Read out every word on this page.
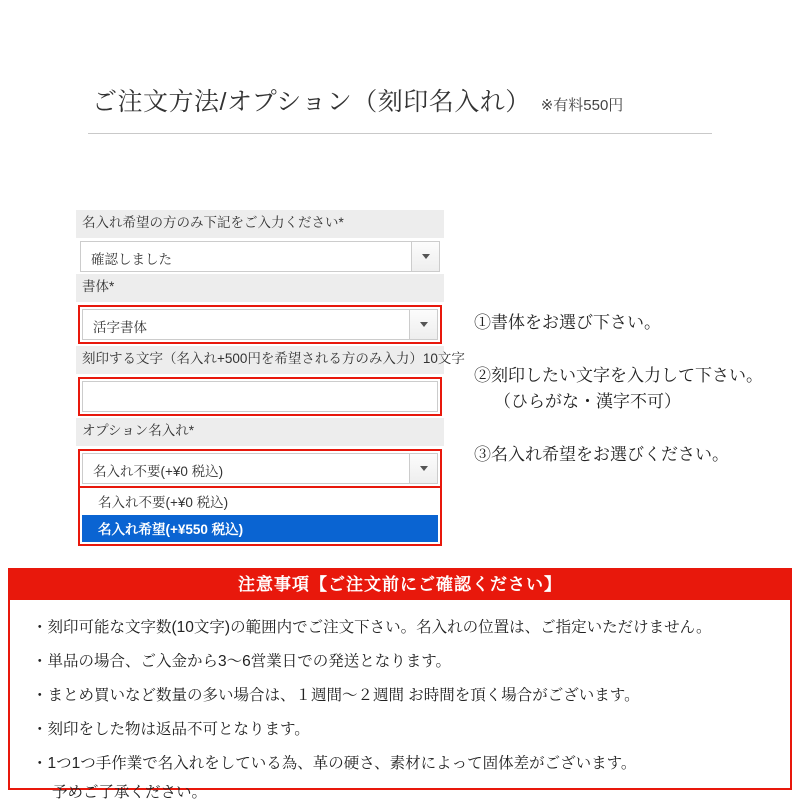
ご注文方法/オプション（刻印名入れ） ※有料550円
名入れ希望の方のみ下記をご入力ください*
確認しました
書体*
活字書体
刻印する文字（名入れ+500円を希望される方のみ入力）10文字
オプション名入れ*
名入れ不要(+¥0 税込)
名入れ不要(+¥0 税込)
名入れ希望(+¥550 税込)
①書体をお選び下さい。
②刻印したい文字を入力して下さい。
（ひらがな・漢字不可）
③名入れ希望をお選びください。
注意事項【ご注文前にご確認ください】
・刻印可能な文字数(10文字)の範囲内でご注文下さい。名入れの位置は、ご指定いただけません。
・単品の場合、ご入金から3〜6営業日での発送となります。
・まとめ買いなど数量の多い場合は、１週間〜２週間 お時間を頂く場合がございます。
・刻印をした物は返品不可となります。
・1つ1つ手作業で名入れをしている為、革の硬さ、素材によって固体差がございます。
予めご了承ください。
